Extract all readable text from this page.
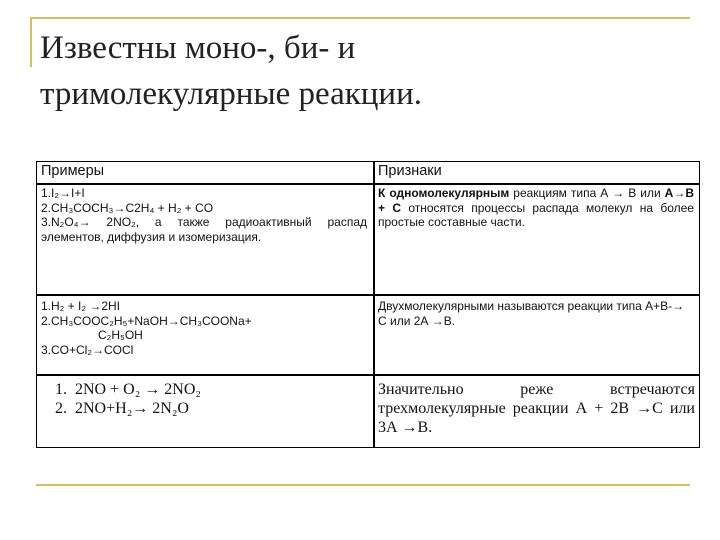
Известны моно-, би- и
тримолекулярные реакции.
Примеры	Признаки
1.I₂→I+I
2.CH₃COCH₃→C2H₄ + H₂ + CO
3.N₂O₄→ 2NO₂, а также радиоактивный распад элементов, диффузия и изомеризация.
К одномолекулярным реакциям типа А → В или А→В + С относятся процессы распада молекул на более простые составные части.
1.H₂ + I₂ →2HI
2.CH₃COOC₂H₅+NaOH→CH₃COONa+
C₂H₅OH
3.CO+Cl₂→COCl
Двухмолекулярными называются реакции типа А+В-→ С или 2А →В.
1. 2NO + O₂ → 2NO₂
2. 2NO+H₂→ 2N₂O
Значительно реже встречаются трехмолекулярные реакции А + 2В →С или 3А →В.
